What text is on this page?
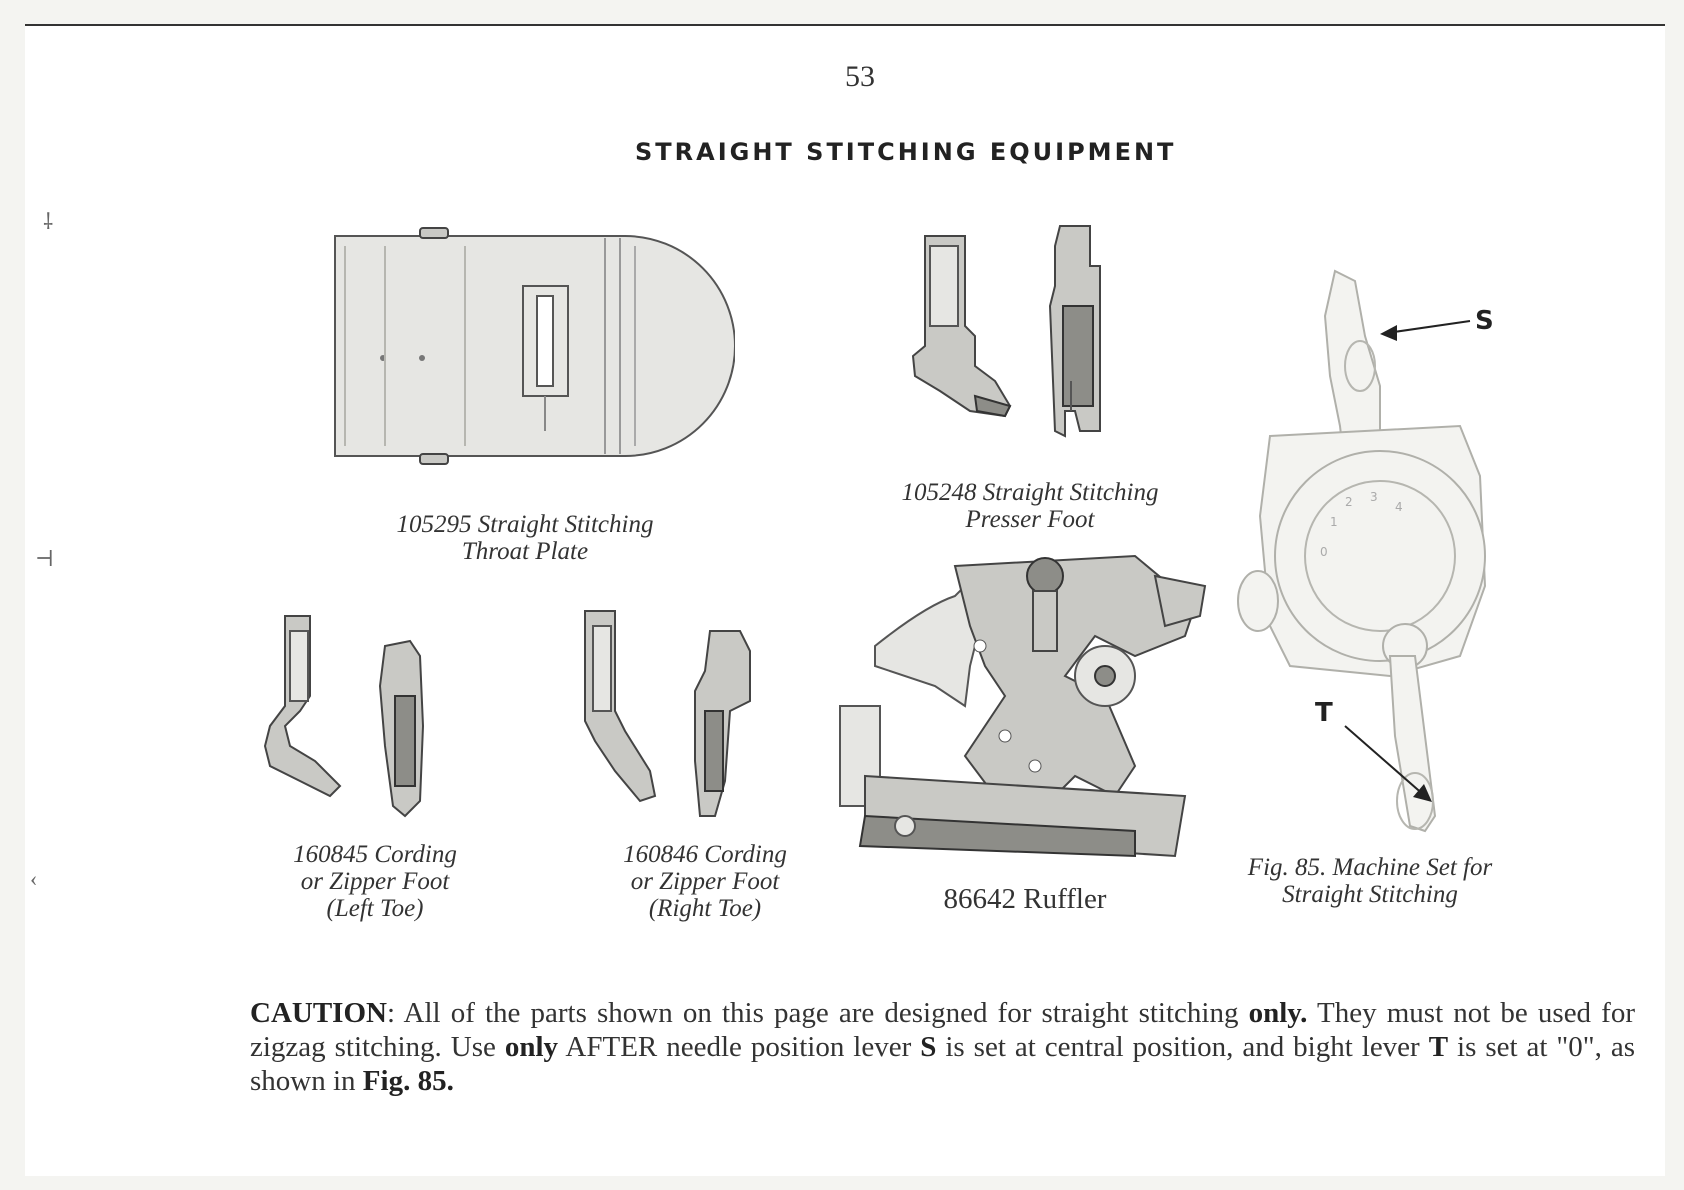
53
STRAIGHT STITCHING EQUIPMENT
⸸
⊣
‹
105295 Straight Stitching
Throat Plate
105248 Straight Stitching
Presser Foot
160845 Cording
or Zipper Foot
(Left Toe)
160846 Cording
or Zipper Foot
(Right Toe)	86642 Ruffler
0
1
2 3
4
S
T
Fig. 85. Machine Set for
Straight Stitching
CAUTION: All of the parts shown on this page are designed for straight stitching only. They must not be used for zigzag stitching. Use only AFTER needle position lever S is set at central position, and bight lever T is set at "0", as shown in Fig. 85.
